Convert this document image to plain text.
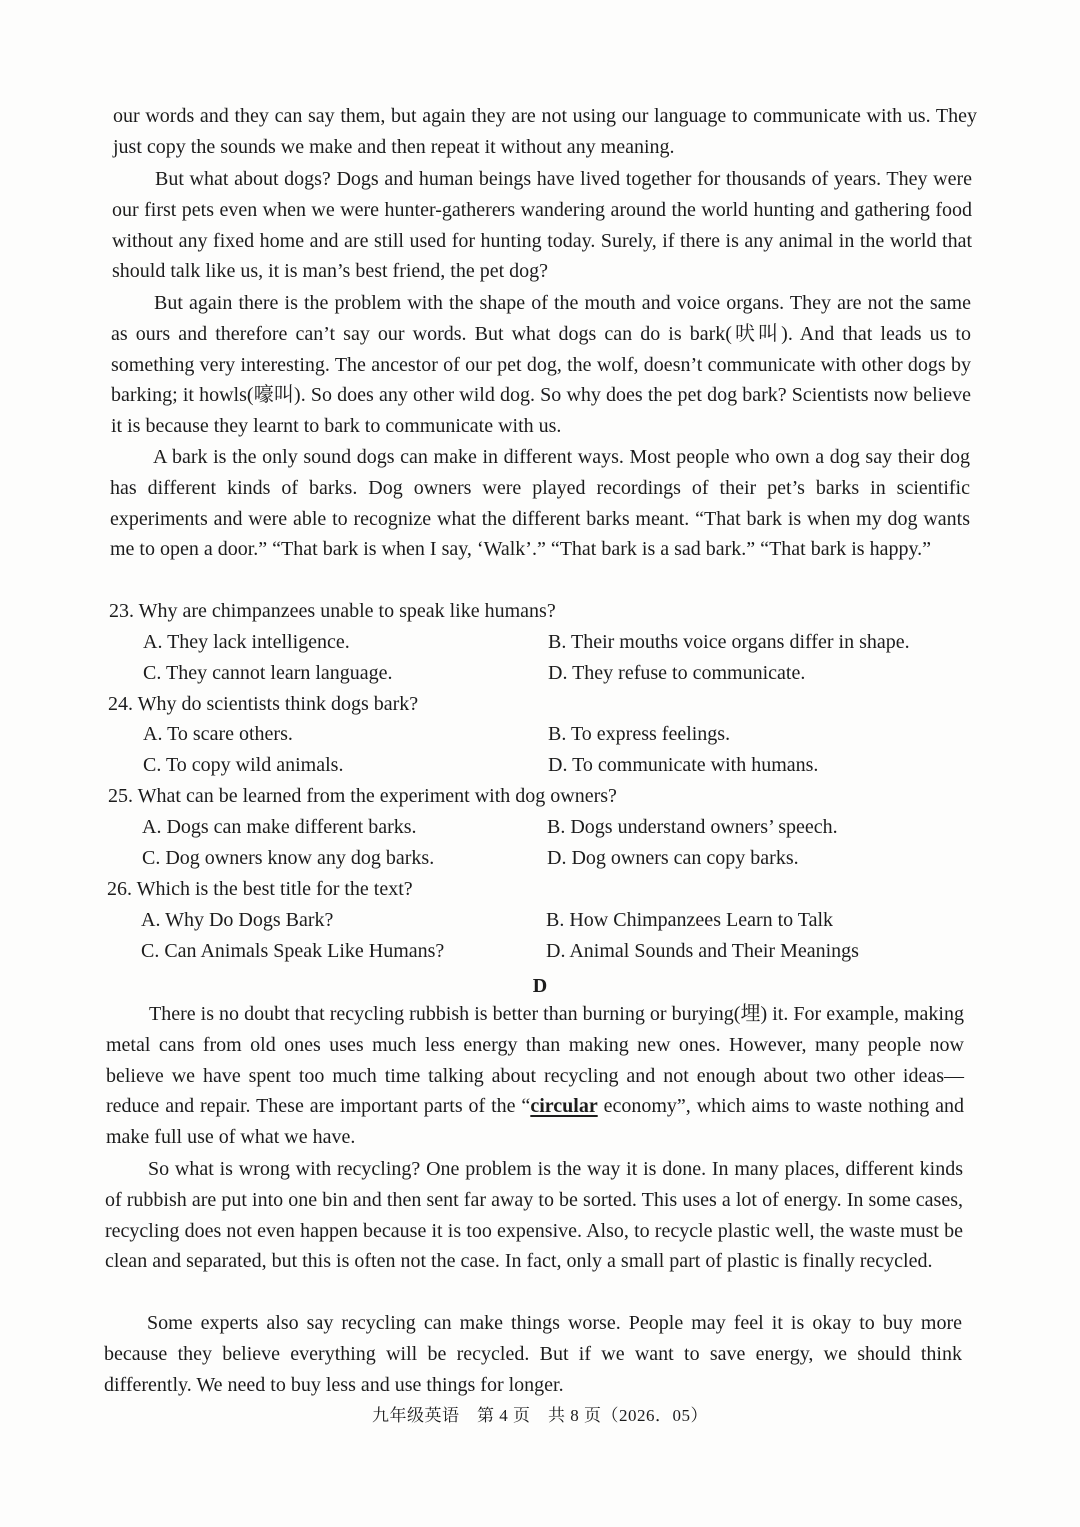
our words and they can say them, but again they are not using our language to communicate with us. They just copy the sounds we make and then repeat it without any meaning.

But what about dogs? Dogs and human beings have lived together for thousands of years. They were our first pets even when we were hunter-gatherers wandering around the world hunting and gathering food without any fixed home and are still used for hunting today. Surely, if there is any animal in the world that should talk like us, it is man’s best friend, the pet dog?

But again there is the problem with the shape of the mouth and voice organs. They are not the same as ours and therefore can’t say our words. But what dogs can do is bark(吠叫). And that leads us to something very interesting. The ancestor of our pet dog, the wolf, doesn’t communicate with other dogs by barking; it howls(嚎叫). So does any other wild dog. So why does the pet dog bark? Scientists now believe it is because they learnt to bark to communicate with us.

A bark is the only sound dogs can make in different ways. Most people who own a dog say their dog has different kinds of barks. Dog owners were played recordings of their pet’s barks in scientific experiments and were able to recognize what the different barks meant. “That bark is when my dog wants me to open a door.” “That bark is when I say, ‘Walk’.” “That bark is a sad bark.” “That bark is happy.”

23. Why are chimpanzees unable to speak like humans?

A. They lack intelligence.	B. Their mouths voice organs differ in shape.

C. They cannot learn language.	D. They refuse to communicate.

24. Why do scientists think dogs bark?

A. To scare others.	B. To express feelings.

C. To copy wild animals.	D. To communicate with humans.

25. What can be learned from the experiment with dog owners?

A. Dogs can make different barks.	B. Dogs understand owners’ speech.

C. Dog owners know any dog barks.	D. Dog owners can copy barks.

26. Which is the best title for the text?

A. Why Do Dogs Bark?	B. How Chimpanzees Learn to Talk

C. Can Animals Speak Like Humans?	D. Animal Sounds and Their Meanings

D

There is no doubt that recycling rubbish is better than burning or burying(埋) it. For example, making metal cans from old ones uses much less energy than making new ones. However, many people now believe we have spent too much time talking about recycling and not enough about two other ideas—reduce and repair. These are important parts of the “circular economy”, which aims to waste nothing and make full use of what we have.

So what is wrong with recycling? One problem is the way it is done. In many places, different kinds of rubbish are put into one bin and then sent far away to be sorted. This uses a lot of energy. In some cases, recycling does not even happen because it is too expensive. Also, to recycle plastic well, the waste must be clean and separated, but this is often not the case. In fact, only a small part of plastic is finally recycled.

Some experts also say recycling can make things worse. People may feel it is okay to buy more because they believe everything will be recycled. But if we want to save energy, we should think differently. We need to buy less and use things for longer.

九年级英语　第 4 页　共 8 页（2026．05）
